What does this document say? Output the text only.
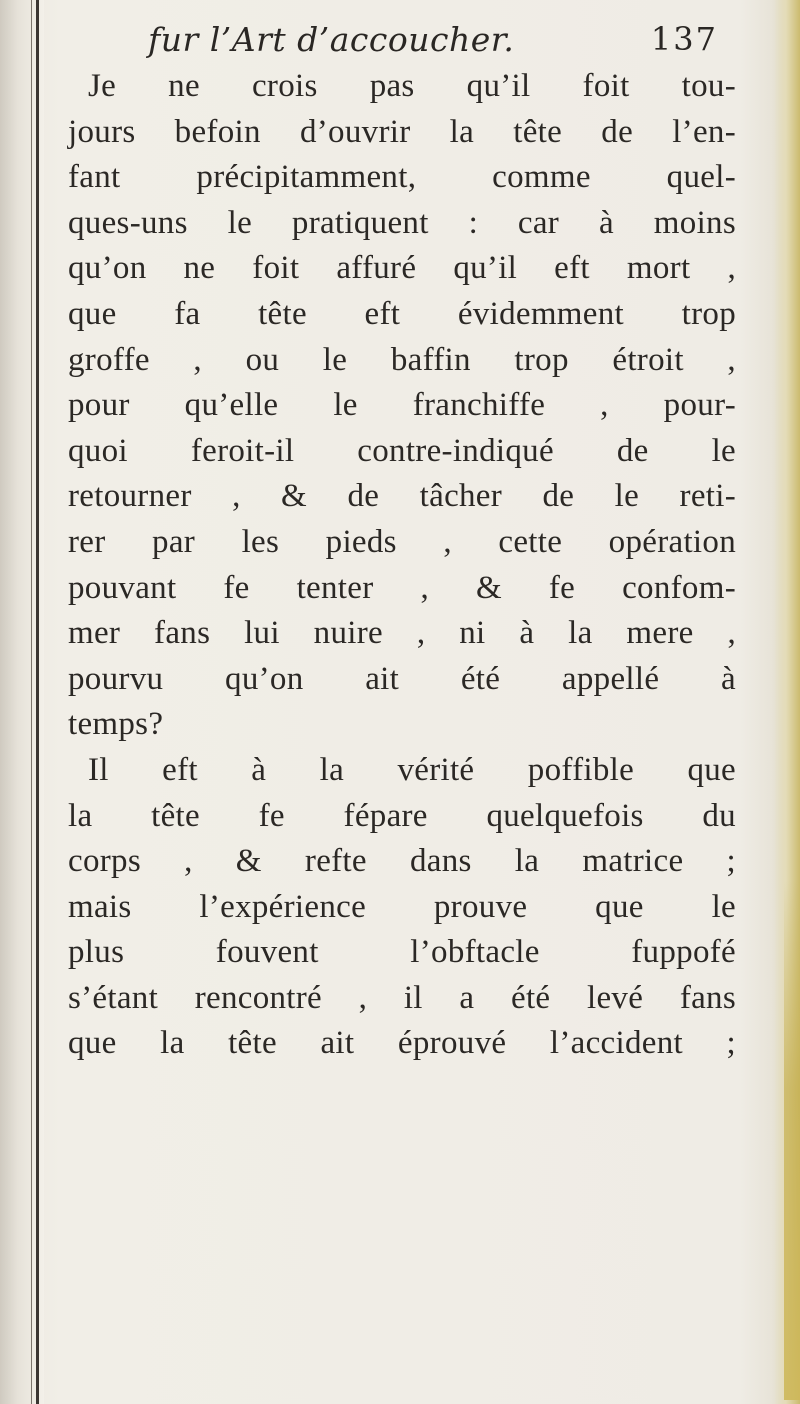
fur l’Art d’accoucher.	137
Je ne crois pas qu’il foit tou-
jours befoin d’ouvrir la tête de l’en-
fant précipitamment, comme quel-
ques-uns le pratiquent : car à moins
qu’on ne foit affuré qu’il eft mort ,
que fa tête eft évidemment trop
groffe , ou le baffin trop étroit ,
pour qu’elle le franchiffe , pour-
quoi feroit-il contre-indiqué de le
retourner , & de tâcher de le reti-
rer par les pieds , cette opération
pouvant fe tenter , & fe confom-
mer fans lui nuire , ni à la mere ,
pourvu qu’on ait été appellé à
temps?
Il eft à la vérité poffible que
la tête fe fépare quelquefois du
corps , & refte dans la matrice ;
mais l’expérience prouve que le
plus fouvent l’obftacle fuppofé
s’étant rencontré , il a été levé fans
que la tête ait éprouvé l’accident ;
